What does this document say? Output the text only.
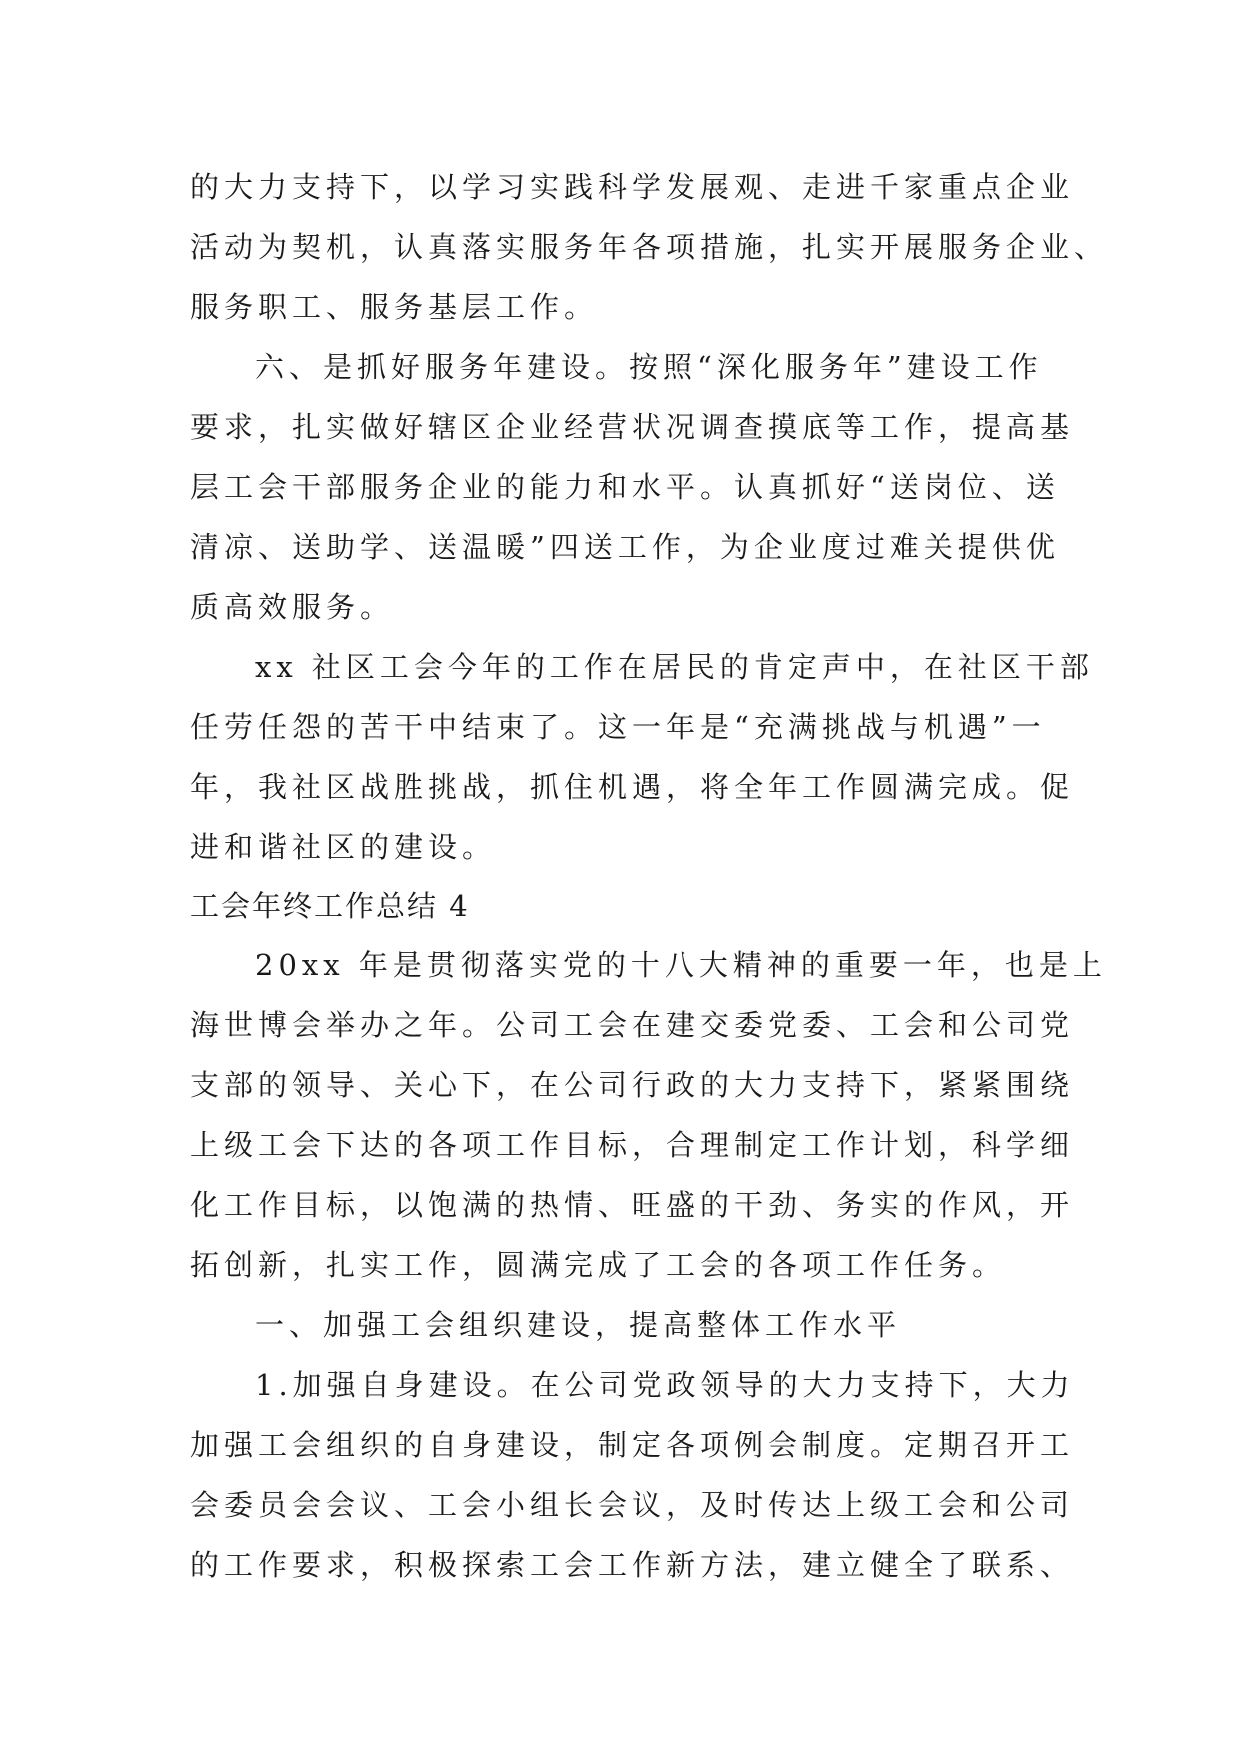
的大力支持下，以学习实践科学发展观、走进千家重点企业
活动为契机，认真落实服务年各项措施，扎实开展服务企业、
服务职工、服务基层工作。
六、是抓好服务年建设。按照“深化服务年”建设工作
要求，扎实做好辖区企业经营状况调查摸底等工作，提高基
层工会干部服务企业的能力和水平。认真抓好“送岗位、送
清凉、送助学、送温暖”四送工作，为企业度过难关提供优
质高效服务。
xx 社区工会今年的工作在居民的肯定声中，在社区干部
任劳任怨的苦干中结束了。这一年是“充满挑战与机遇”一
年，我社区战胜挑战，抓住机遇，将全年工作圆满完成。促
进和谐社区的建设。
工会年终工作总结 4
20xx 年是贯彻落实党的十八大精神的重要一年，也是上
海世博会举办之年。公司工会在建交委党委、工会和公司党
支部的领导、关心下，在公司行政的大力支持下，紧紧围绕
上级工会下达的各项工作目标，合理制定工作计划，科学细
化工作目标，以饱满的热情、旺盛的干劲、务实的作风，开
拓创新，扎实工作，圆满完成了工会的各项工作任务。
一、加强工会组织建设，提高整体工作水平
1.加强自身建设。在公司党政领导的大力支持下，大力
加强工会组织的自身建设，制定各项例会制度。定期召开工
会委员会会议、工会小组长会议，及时传达上级工会和公司
的工作要求，积极探索工会工作新方法，建立健全了联系、
